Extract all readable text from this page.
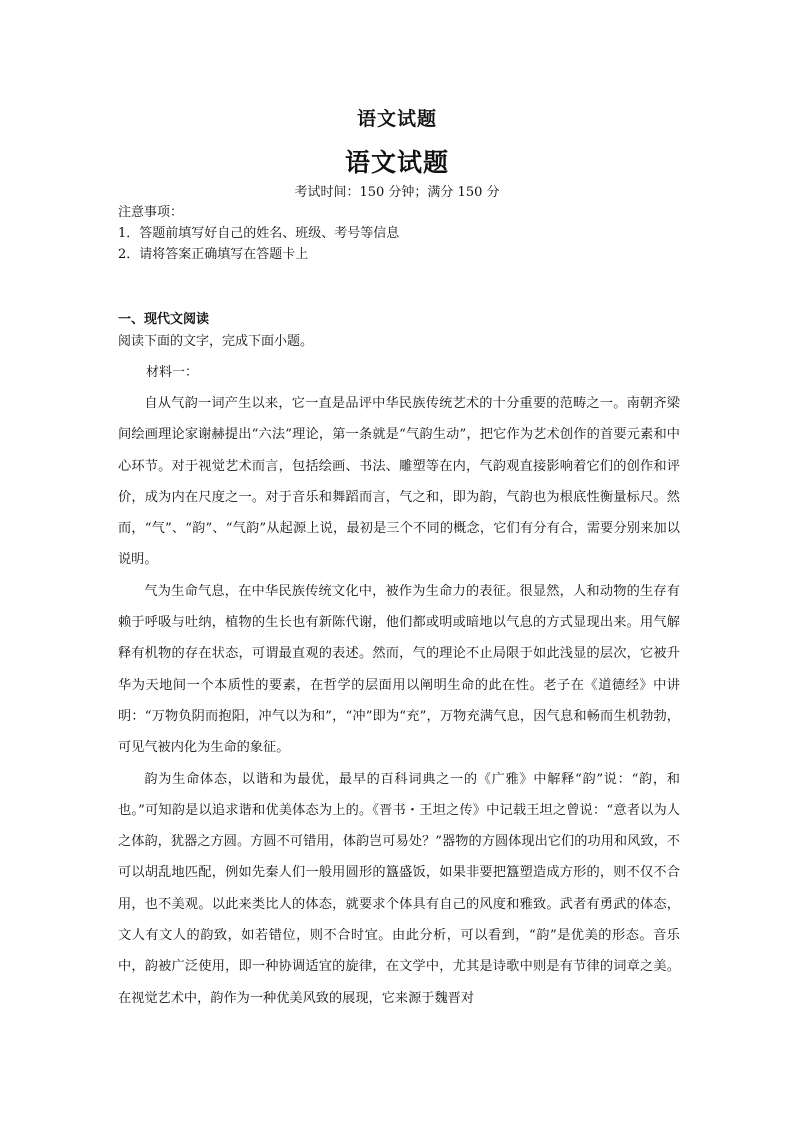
语文试题
语文试题
考试时间：150 分钟；满分 150 分
注意事项：
1．答题前填写好自己的姓名、班级、考号等信息
2．请将答案正确填写在答题卡上
一、现代文阅读
阅读下面的文字，完成下面小题。
材料一：

自从气韵一词产生以来，它一直是品评中华民族传统艺术的十分重要的范畴之一。南朝齐梁间绘画理论家谢赫提出“六法”理论，第一条就是“气韵生动”，把它作为艺术创作的首要元素和中心环节。对于视觉艺术而言，包括绘画、书法、雕塑等在内，气韵观直接影响着它们的创作和评价，成为内在尺度之一。对于音乐和舞蹈而言，气之和，即为韵，气韵也为根底性衡量标尺。然而，“气”、“韵”、“气韵”从起源上说，最初是三个不同的概念，它们有分有合，需要分别来加以说明。

气为生命气息，在中华民族传统文化中，被作为生命力的表征。很显然，人和动物的生存有赖于呼吸与吐纳，植物的生长也有新陈代谢，他们都或明或暗地以气息的方式显现出来。用气解释有机物的存在状态，可谓最直观的表述。然而，气的理论不止局限于如此浅显的层次，它被升华为天地间一个本质性的要素，在哲学的层面用以阐明生命的此在性。老子在《道德经》中讲明：“万物负阴而抱阳，冲气以为和”，“冲”即为“充”，万物充满气息，因气息和畅而生机勃勃，可见气被内化为生命的象征。

韵为生命体态，以谐和为最优，最早的百科词典之一的《广雅》中解释“韵”说：“韵，和也。”可知韵是以追求谐和优美体态为上的。《晋书・王坦之传》中记载王坦之曾说：“意者以为人之体韵，犹器之方圆。方圆不可错用，体韵岂可易处？”器物的方圆体现出它们的功用和风致，不可以胡乱地匹配，例如先秦人们一般用圆形的簋盛饭，如果非要把簋塑造成方形的，则不仅不合用，也不美观。以此来类比人的体态，就要求个体具有自己的风度和雅致。武者有勇武的体态，文人有文人的韵致，如若错位，则不合时宜。由此分析，可以看到，“韵”是优美的形态。音乐中，韵被广泛使用，即一种协调适宜的旋律，在文学中，尤其是诗歌中则是有节律的词章之美。在视觉艺术中，韵作为一种优美风致的展现，它来源于魏晋对
